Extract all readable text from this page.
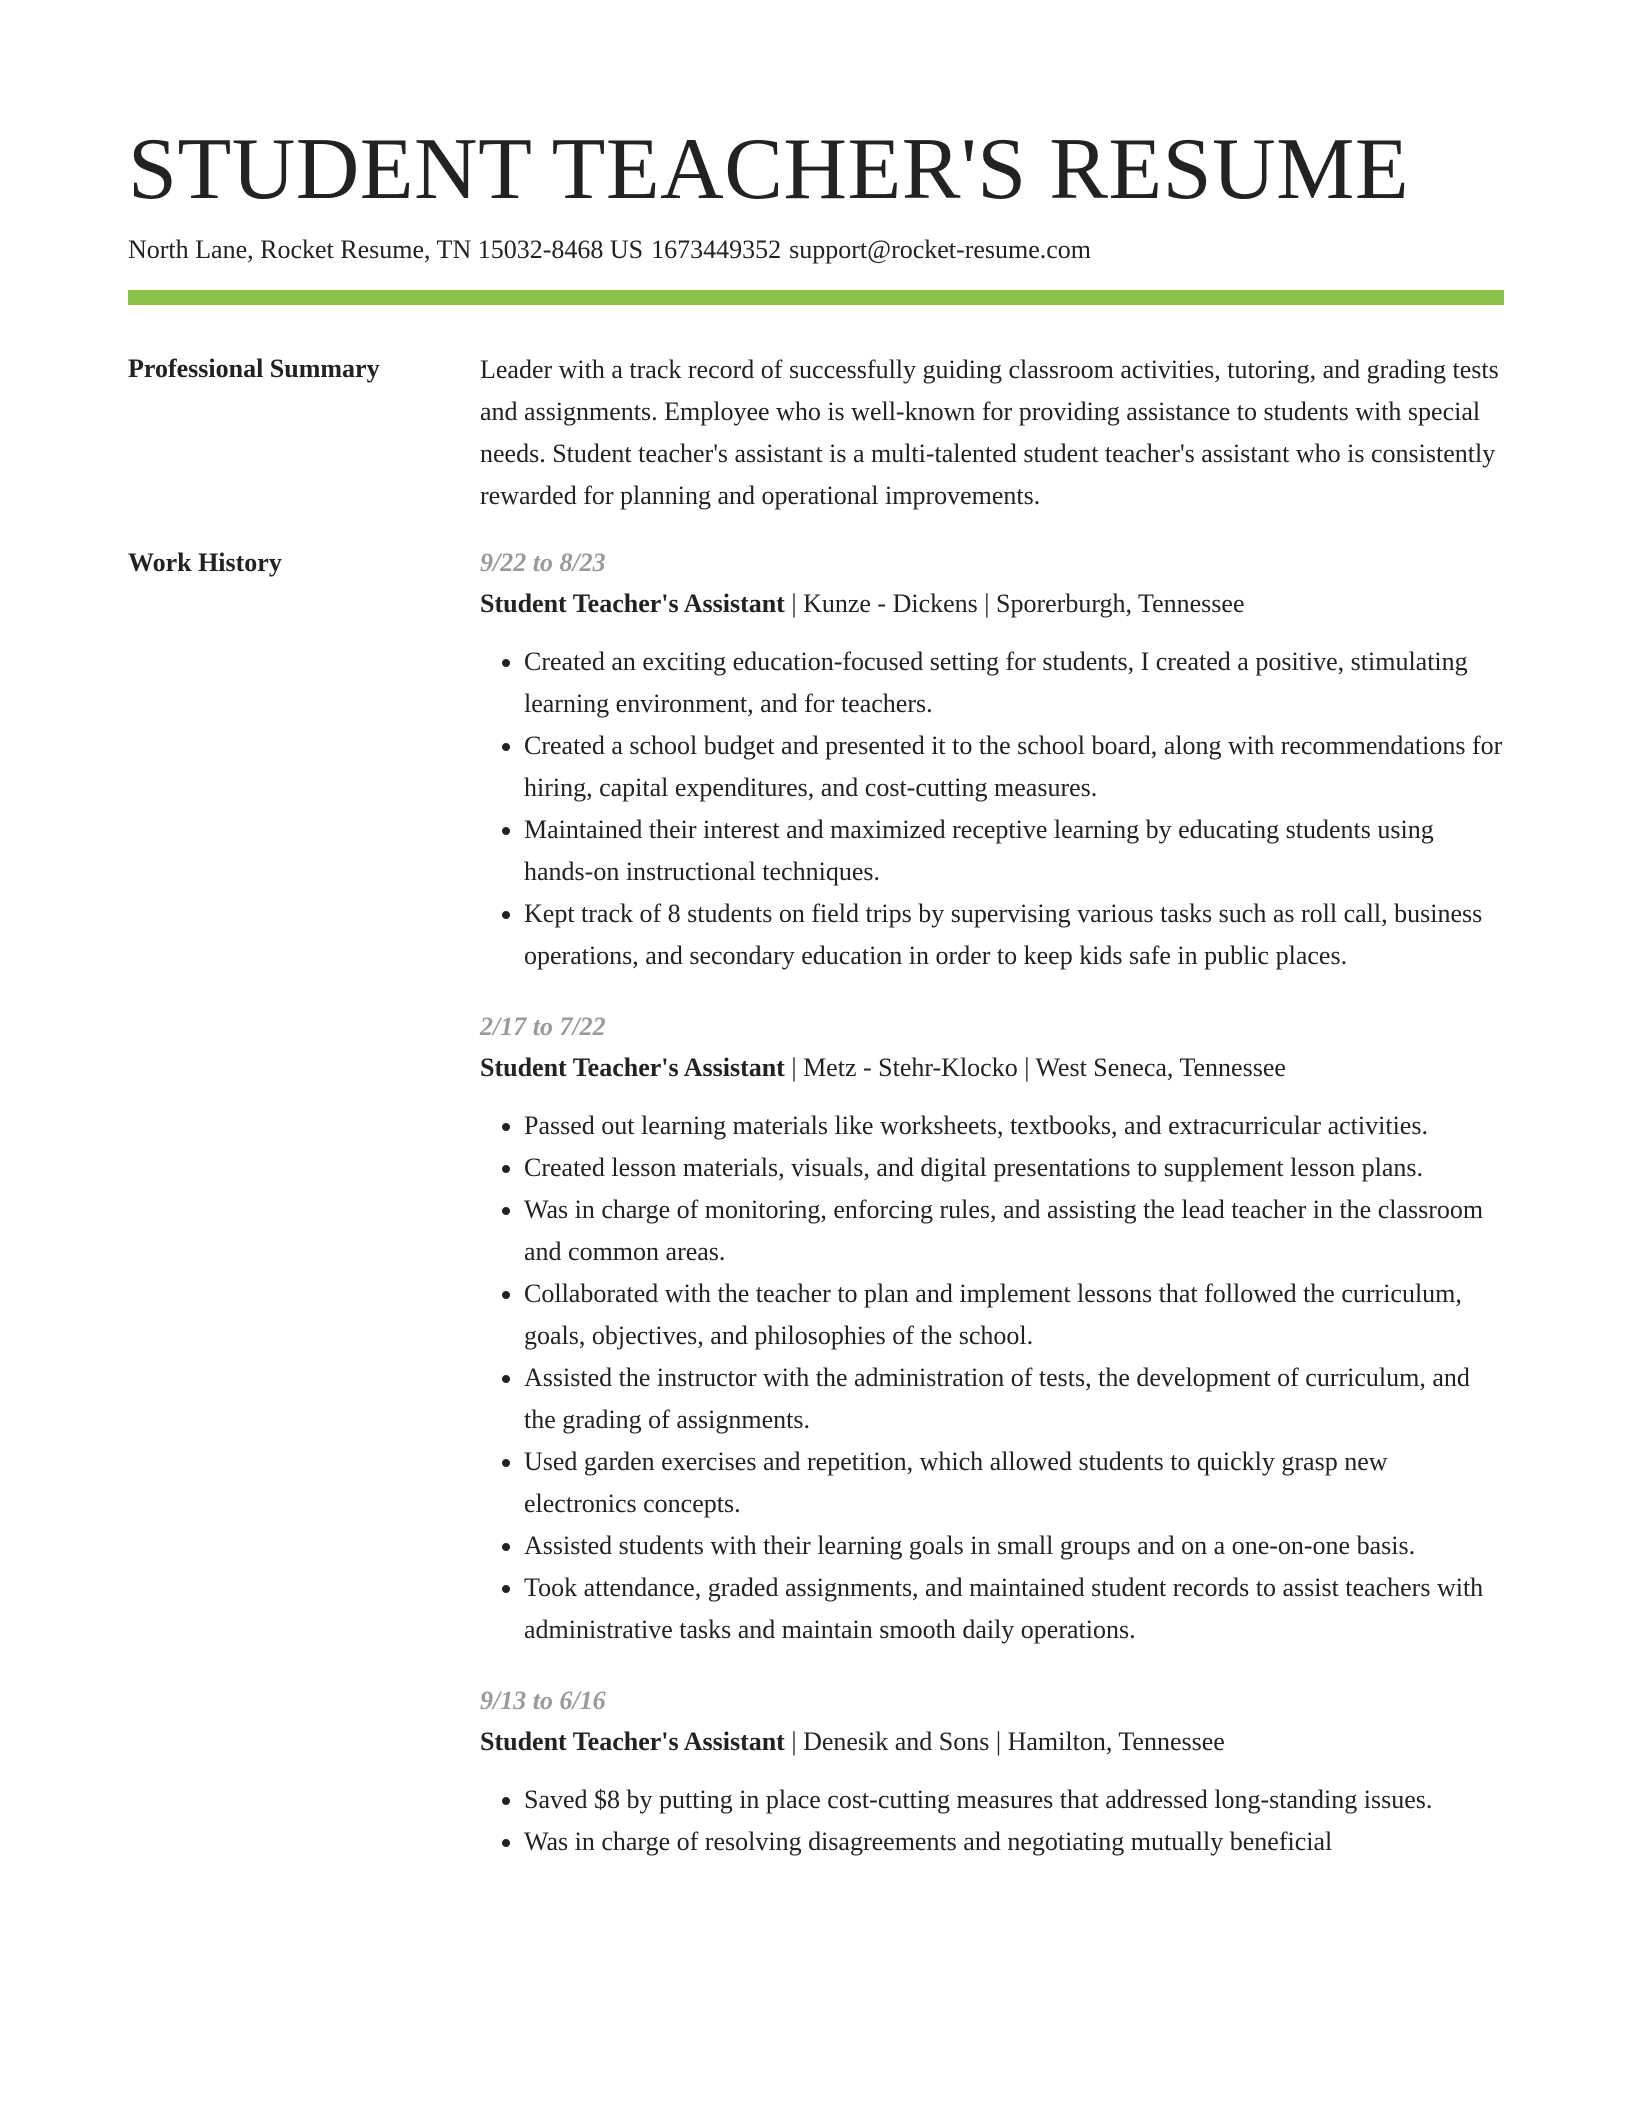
STUDENT TEACHER'S RESUME
North Lane, Rocket Resume, TN 15032-8468 US 1673449352 support@rocket-resume.com
Professional Summary	Leader with a track record of successfully guiding classroom activities, tutoring, and grading tests and assignments. Employee who is well-known for providing assistance to students with special needs. Student teacher's assistant is a multi-talented student teacher's assistant who is consistently rewarded for planning and operational improvements.

Work History	9/22 to 8/23
Student Teacher's Assistant | Kunze - Dickens | Sporerburgh, Tennessee
• Created an exciting education-focused setting for students, I created a positive, stimulating learning environment, and for teachers.
• Created a school budget and presented it to the school board, along with recommendations for hiring, capital expenditures, and cost-cutting measures.
• Maintained their interest and maximized receptive learning by educating students using hands-on instructional techniques.
• Kept track of 8 students on field trips by supervising various tasks such as roll call, business operations, and secondary education in order to keep kids safe in public places.
2/17 to 7/22
Student Teacher's Assistant | Metz - Stehr-Klocko | West Seneca, Tennessee
• Passed out learning materials like worksheets, textbooks, and extracurricular activities.
• Created lesson materials, visuals, and digital presentations to supplement lesson plans.
• Was in charge of monitoring, enforcing rules, and assisting the lead teacher in the classroom and common areas.
• Collaborated with the teacher to plan and implement lessons that followed the curriculum, goals, objectives, and philosophies of the school.
• Assisted the instructor with the administration of tests, the development of curriculum, and the grading of assignments.
• Used garden exercises and repetition, which allowed students to quickly grasp new electronics concepts.
• Assisted students with their learning goals in small groups and on a one-on-one basis.
• Took attendance, graded assignments, and maintained student records to assist teachers with administrative tasks and maintain smooth daily operations.
9/13 to 6/16
Student Teacher's Assistant | Denesik and Sons | Hamilton, Tennessee
• Saved $8 by putting in place cost-cutting measures that addressed long-standing issues.
• Was in charge of resolving disagreements and negotiating mutually beneficial
